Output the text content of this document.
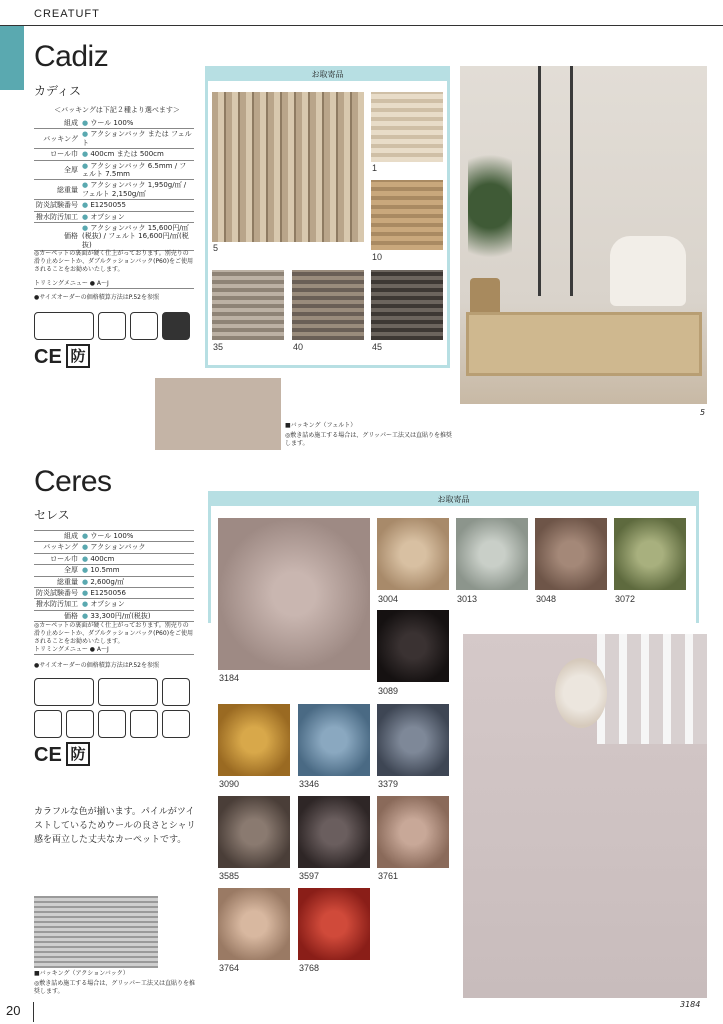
CREATUFT
Cadiz
カディス
＜バッキングは下記２種より選べます＞
組成	● ウール 100%
バッキング	● アクションバック または フェルト
ロール巾	● 400cm または 500cm
全厚	● アクションバック 6.5mm / フェルト 7.5mm
総重量	● アクションバック 1,950g/㎡ / フェルト 2,150g/㎡
防炎試験番号	● E1250055
撥水防汚加工	● オプション
価格	● アクションバック 15,600円/㎡(税抜) / フェルト 16,600円/㎡(税抜)
◎カーペットの裏面が硬く仕上がっております。別売りの滑り止めシートか、ダブルクッションバック(P60)をご使用されることをお勧めいたします。
トリミングメニュー ● A〜J
●サイズオーダーの価格積算方法はP.52を参照
CE 防
お取寄品
5
1
10
35	40	45
5
■バッキング（フェルト）
◎敷き詰め施工する場合は、グリッパー工法又は直貼りを推奨します。
Ceres
セレス
組成	● ウール 100%
バッキング	● アクションバック
ロール巾	● 400cm
全厚	● 10.5mm
総重量	● 2,600g/㎡
防炎試験番号	● E1250056
撥水防汚加工	● オプション
価格	● 33,300円/㎡(税抜)
◎カーペットの裏面が硬く仕上がっております。別売りの滑り止めシートか、ダブルクッションバック(P60)をご使用されることをお勧めいたします。
トリミングメニュー ● A〜J
●サイズオーダーの価格積算方法はP.52を参照
CE 防
カラフルな色が揃います。パイルがツイストしているためウールの良さとシャリ感を両立した丈夫なカーペットです。
■バッキング（アクションバック）
◎敷き詰め施工する場合は、グリッパー工法又は直貼りを推奨します。
お取寄品
3184
3004	3013	3048	3072
3089
3090	3346	3379
3585	3597	3761
3764	3768
3184
20
